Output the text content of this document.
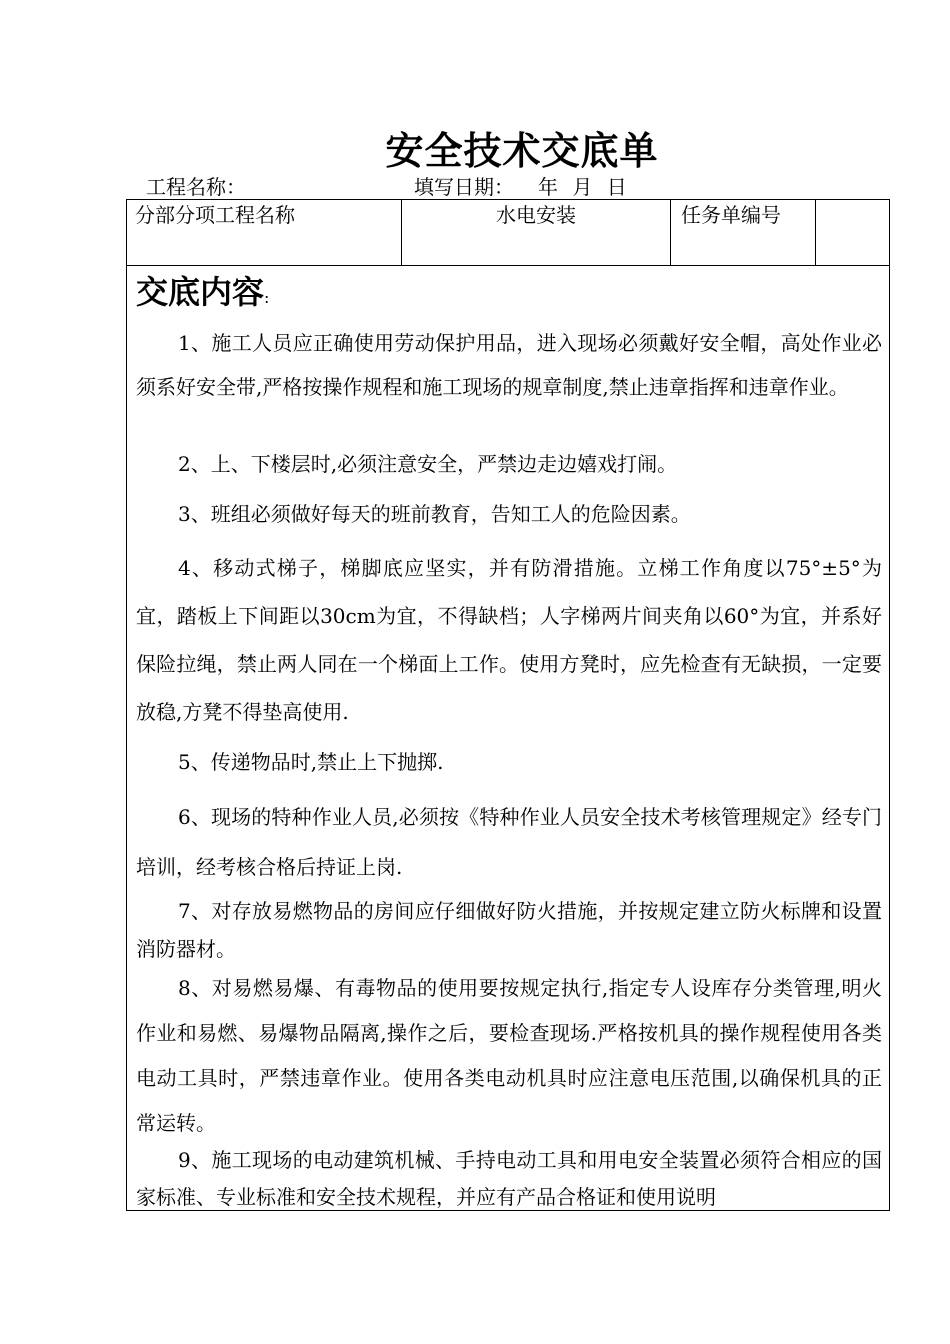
安全技术交底单
工程名称：	填写日期： 年 月 日
分部分项工程名称	水电安装	任务单编号
交底内容:
1、施工人员应正确使用劳动保护用品，进入现场必须戴好安全帽，高处作业必须系好安全带,严格按操作规程和施工现场的规章制度,禁止违章指挥和违章作业。
2、上、下楼层时,必须注意安全，严禁边走边嬉戏打闹。
3、班组必须做好每天的班前教育，告知工人的危险因素。
4、移动式梯子，梯脚底应坚实，并有防滑措施。立梯工作角度以75°±5°为宜，踏板上下间距以30cm为宜，不得缺档；人字梯两片间夹角以60°为宜，并系好保险拉绳，禁止两人同在一个梯面上工作。使用方凳时，应先检查有无缺损，一定要放稳,方凳不得垫高使用.
5、传递物品时,禁止上下抛掷.
6、现场的特种作业人员,必须按《特种作业人员安全技术考核管理规定》经专门培训，经考核合格后持证上岗.
7、对存放易燃物品的房间应仔细做好防火措施，并按规定建立防火标牌和设置消防器材。
8、对易燃易爆、有毒物品的使用要按规定执行,指定专人设库存分类管理,明火作业和易燃、易爆物品隔离,操作之后，要检查现场.严格按机具的操作规程使用各类电动工具时，严禁违章作业。使用各类电动机具时应注意电压范围,以确保机具的正常运转。
9、施工现场的电动建筑机械、手持电动工具和用电安全装置必须符合相应的国家标准、专业标准和安全技术规程，并应有产品合格证和使用说明
